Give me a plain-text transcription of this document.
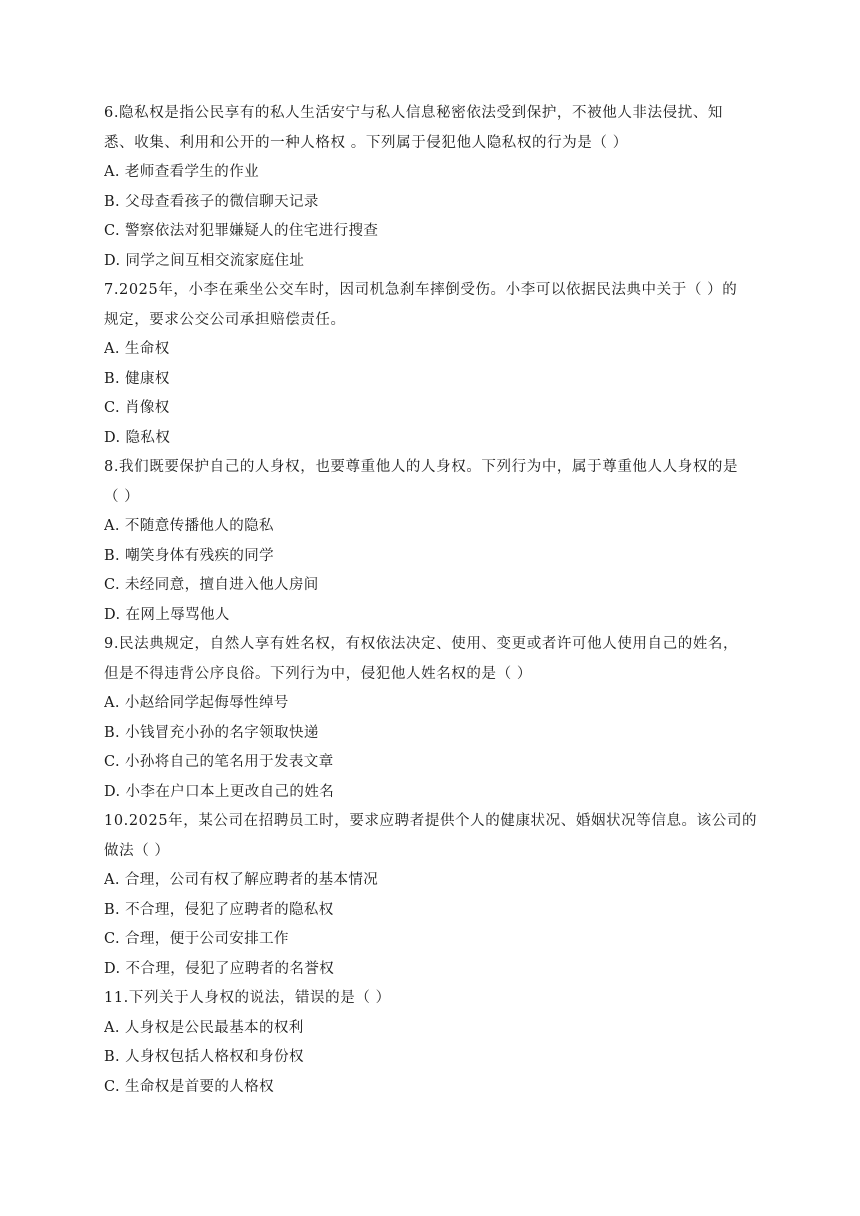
6.隐私权是指公民享有的私人生活安宁与私人信息秘密依法受到保护，不被他人非法侵扰、知
悉、收集、利用和公开的一种人格权 。下列属于侵犯他人隐私权的行为是（ ）
A. 老师查看学生的作业
B. 父母查看孩子的微信聊天记录
C. 警察依法对犯罪嫌疑人的住宅进行搜查
D. 同学之间互相交流家庭住址
7.2025年，小李在乘坐公交车时，因司机急刹车摔倒受伤。小李可以依据民法典中关于（ ）的
规定，要求公交公司承担赔偿责任。
A. 生命权
B. 健康权
C. 肖像权
D. 隐私权
8.我们既要保护自己的人身权，也要尊重他人的人身权。下列行为中，属于尊重他人人身权的是
（ ）
A. 不随意传播他人的隐私
B. 嘲笑身体有残疾的同学
C. 未经同意，擅自进入他人房间
D. 在网上辱骂他人
9.民法典规定，自然人享有姓名权，有权依法决定、使用、变更或者许可他人使用自己的姓名，
但是不得违背公序良俗。下列行为中，侵犯他人姓名权的是（ ）
A. 小赵给同学起侮辱性绰号
B. 小钱冒充小孙的名字领取快递
C. 小孙将自己的笔名用于发表文章
D. 小李在户口本上更改自己的姓名
10.2025年，某公司在招聘员工时，要求应聘者提供个人的健康状况、婚姻状况等信息。该公司的
做法（ ）
A. 合理，公司有权了解应聘者的基本情况
B. 不合理，侵犯了应聘者的隐私权
C. 合理，便于公司安排工作
D. 不合理，侵犯了应聘者的名誉权
11.下列关于人身权的说法，错误的是（ ）
A. 人身权是公民最基本的权利
B. 人身权包括人格权和身份权
C. 生命权是首要的人格权
